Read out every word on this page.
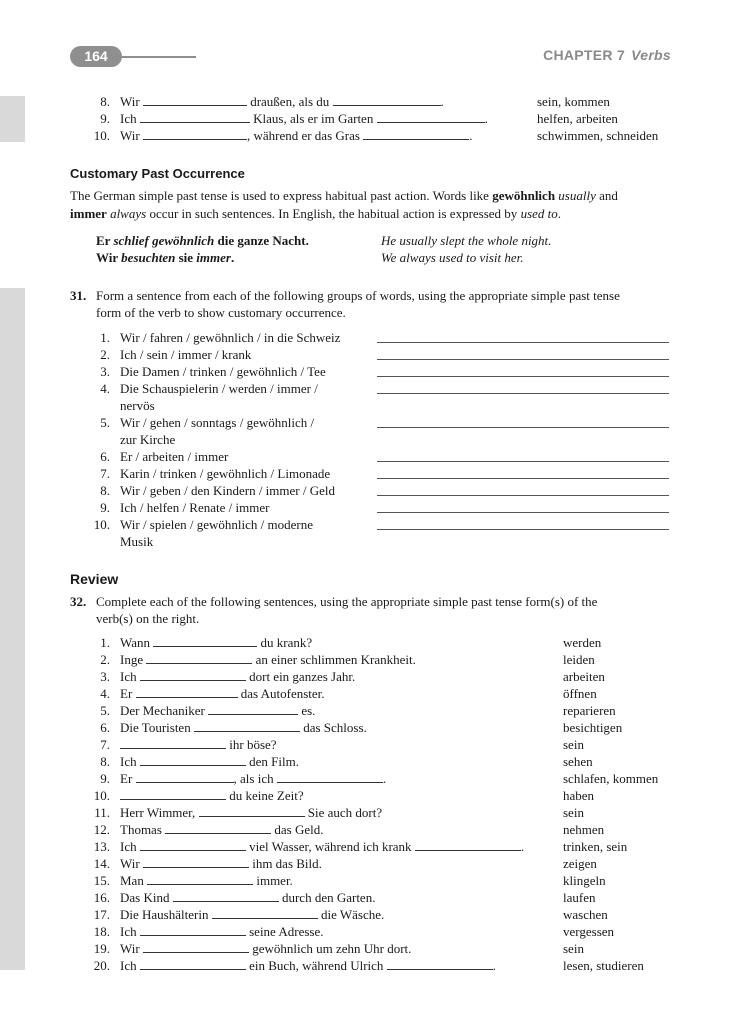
164	CHAPTER 7 Verbs
8. Wir	draußen, als du	.	sein, kommen
9. Ich	Klaus, als er im Garten	.	helfen, arbeiten
10. Wir	, während er das Gras	.	schwimmen, schneiden
Customary Past Occurrence
The German simple past tense is used to express habitual past action. Words like gewöhnlich usually and
immer always occur in such sentences. In English, the habitual action is expressed by used to.
Er schlief gewöhnlich die ganze Nacht.	He usually slept the whole night.
Wir besuchten sie immer.	We always used to visit her.
31. Form a sentence from each of the following groups of words, using the appropriate simple past tense
form of the verb to show customary occurrence.
1. Wir / fahren / gewöhnlich / in die Schweiz
2. Ich / sein / immer / krank
3. Die Damen / trinken / gewöhnlich / Tee
4. Die Schauspielerin / werden / immer /
nervös
5. Wir / gehen / sonntags / gewöhnlich /
zur Kirche
6. Er / arbeiten / immer
7. Karin / trinken / gewöhnlich / Limonade
8. Wir / geben / den Kindern / immer / Geld
9. Ich / helfen / Renate / immer
10. Wir / spielen / gewöhnlich / moderne
Musik
Review
32. Complete each of the following sentences, using the appropriate simple past tense form(s) of the
verb(s) on the right.
1. Wann	du krank?	werden
2. Inge	an einer schlimmen Krankheit.	leiden
3. Ich	dort ein ganzes Jahr.	arbeiten
4. Er	das Autofenster.	öffnen
5. Der Mechaniker	es.	reparieren
6. Die Touristen	das Schloss.	besichtigen
7.	ihr böse?	sein
8. Ich	den Film.	sehen
9. Er	, als ich	.	schlafen, kommen
10.	du keine Zeit?	haben
11. Herr Wimmer,	Sie auch dort?	sein
12. Thomas	das Geld.	nehmen
13. Ich	viel Wasser, während ich krank	.	trinken, sein
14. Wir	ihm das Bild.	zeigen
15. Man	immer.	klingeln
16. Das Kind	durch den Garten.	laufen
17. Die Haushälterin	die Wäsche.	waschen
18. Ich	seine Adresse.	vergessen
19. Wir	gewöhnlich um zehn Uhr dort.	sein
20. Ich	ein Buch, während Ulrich	.	lesen, studieren
